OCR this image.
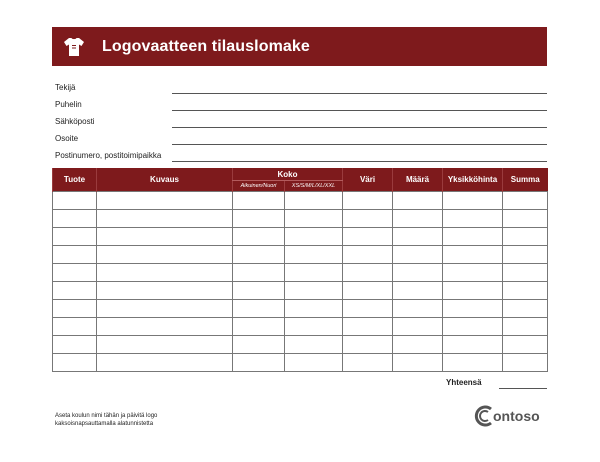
Logovaatteen tilauslomake
Tekijä
Puhelin
Sähköposti
Osoite
Postinumero, postitoimipaikka
Tuote	Kuvaus	Koko		Väri	Määrä	Yksikköhinta	Summa
		Aikuinen/Nuori	XS/S/M/L/XL/XXL				

Yhteensä
Aseta koulun nimi tähän ja päivitä logo
kaksoisnapsauttamalla alatunnistetta	ontoso
